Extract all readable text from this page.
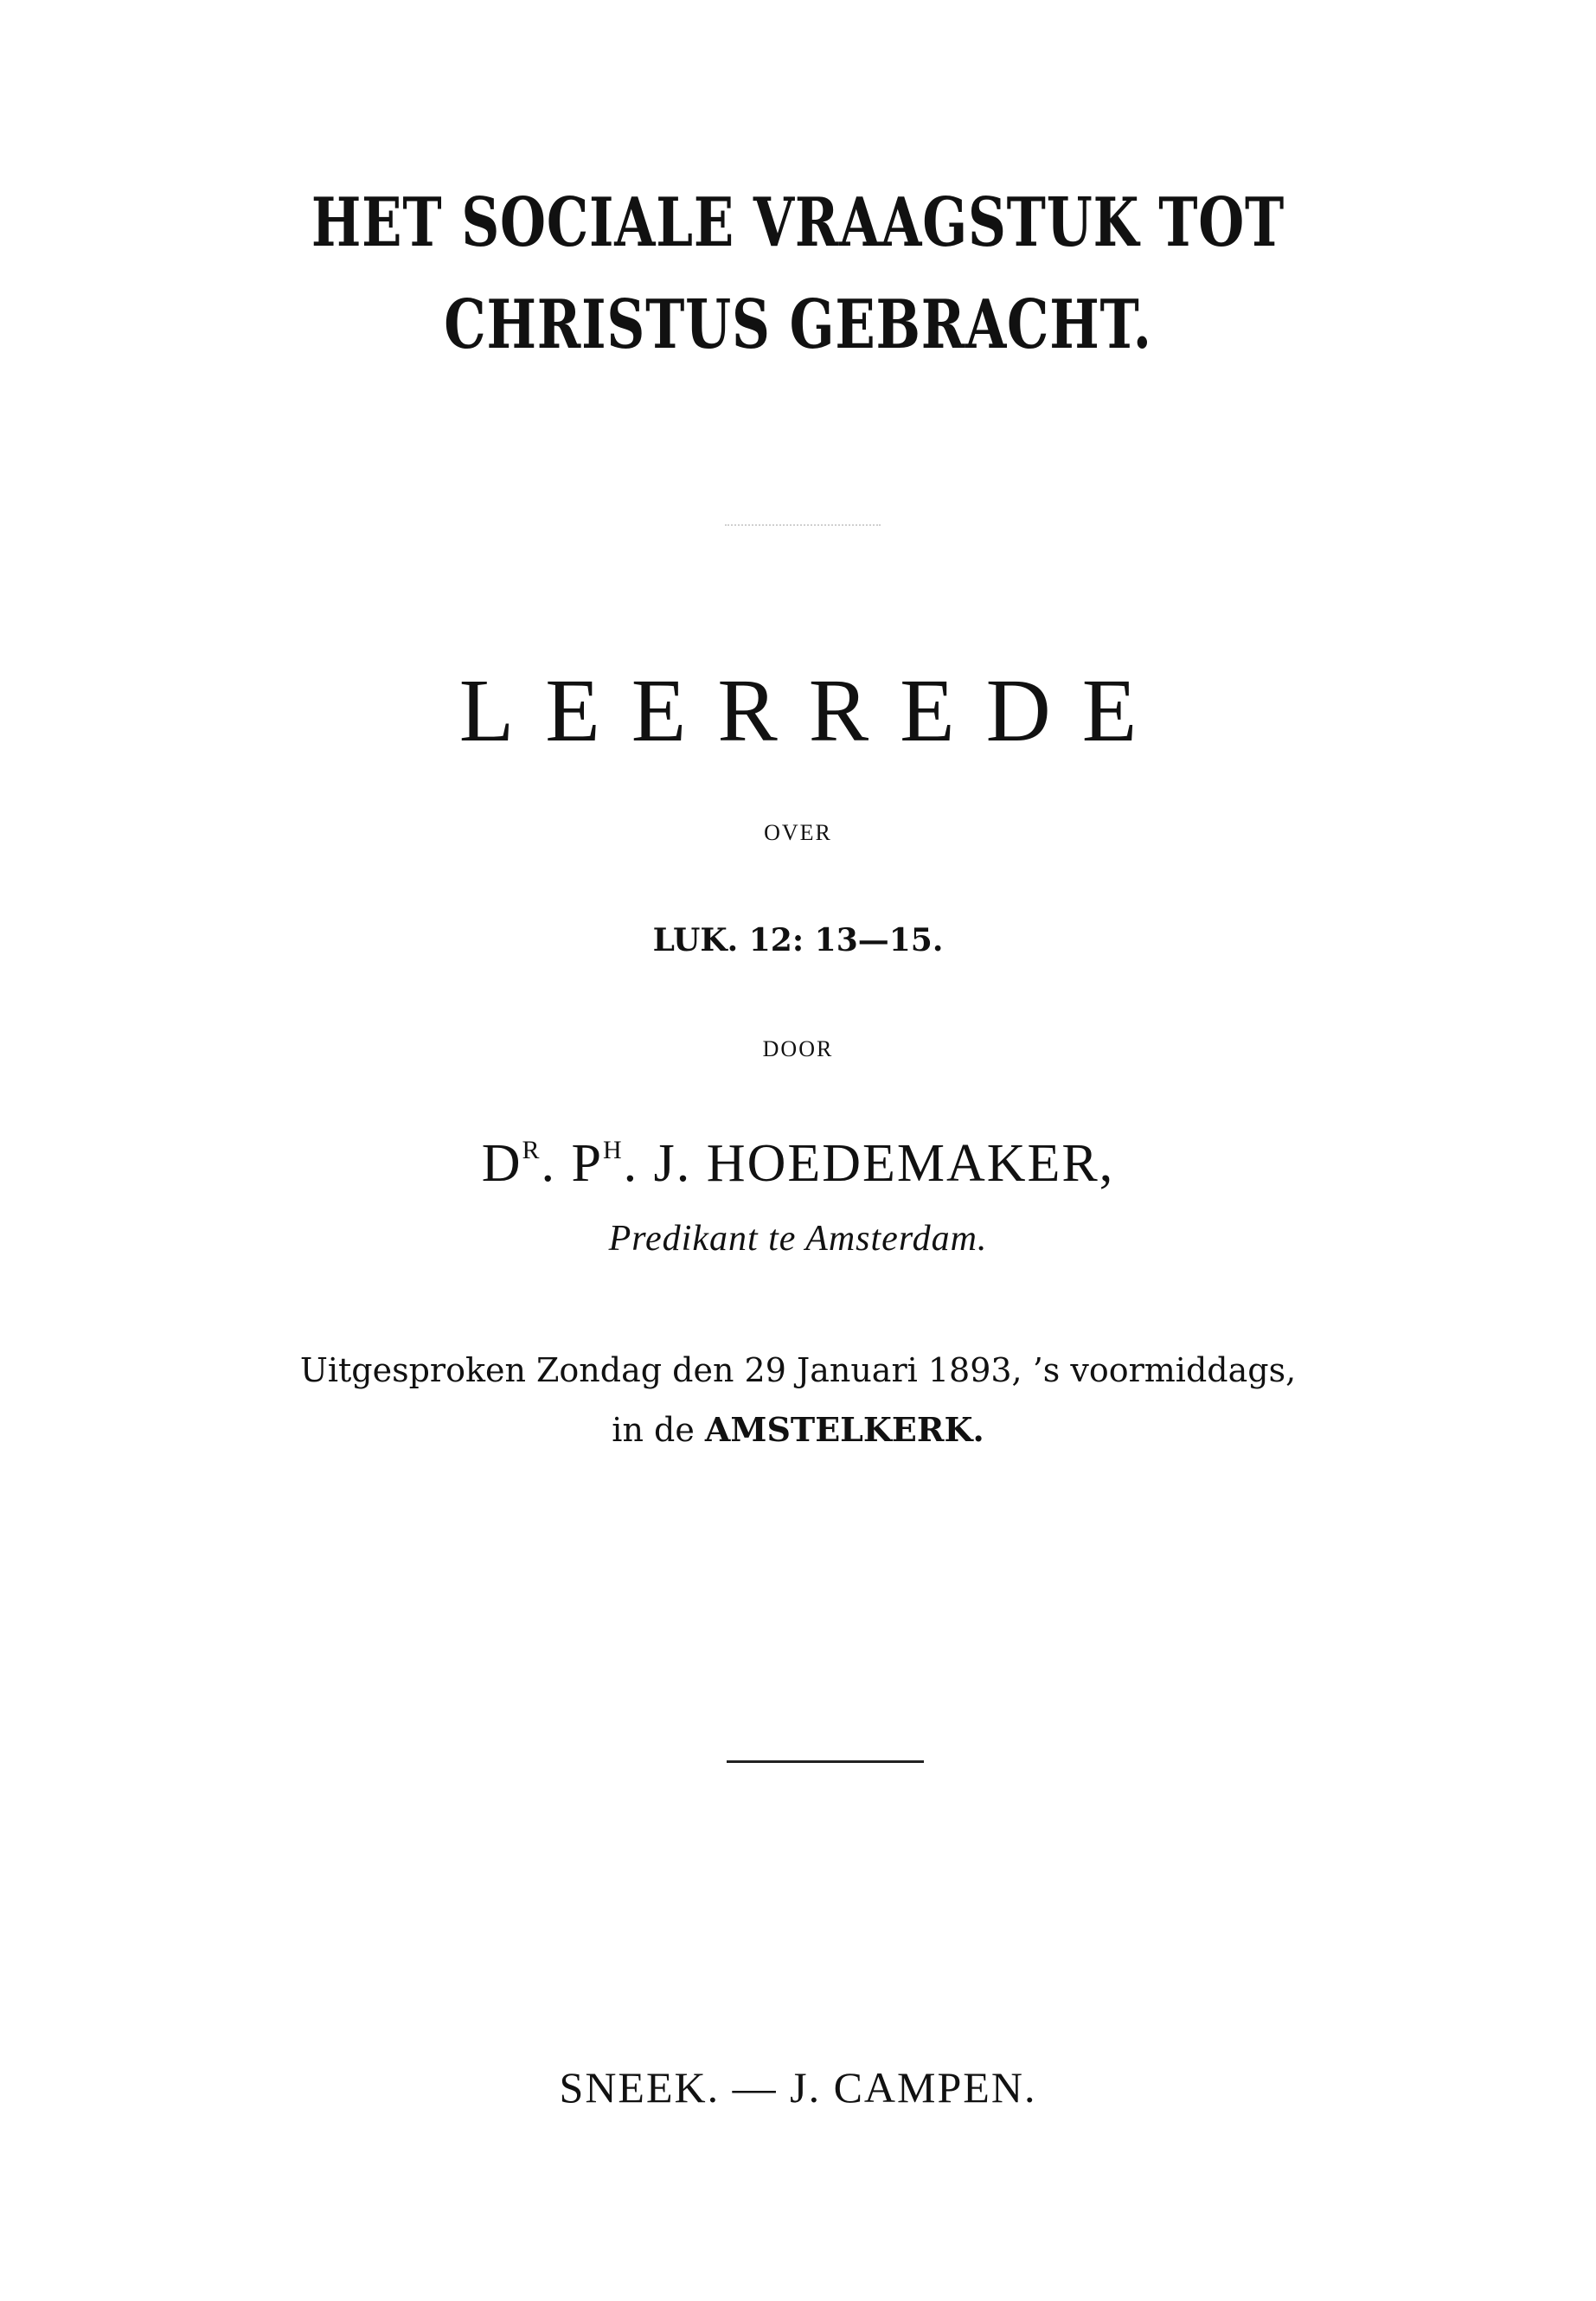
HET SOCIALE VRAAGSTUK TOT
CHRISTUS GEBRACHT.
LEERREDE
OVER
LUK. 12: 13—15.
DOOR
$D^R$. $P^H$. J. HOEDEMAKER,
Predikant te Amsterdam.
Uitgesproken Zondag den 29 Januari 1893, ’s voormiddags,
in de AMSTELKERK.
SNEEK. — J. CAMPEN.
